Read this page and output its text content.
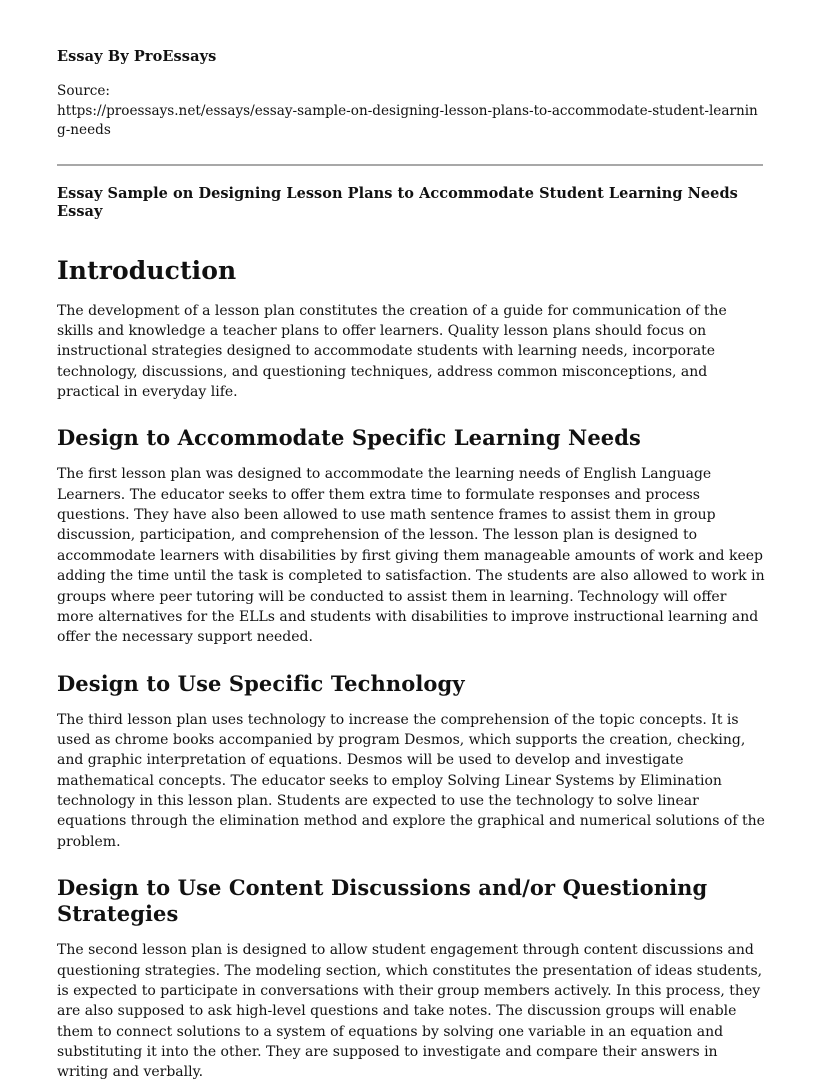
Essay By ProEssays
Source:
https://proessays.net/essays/essay-sample-on-designing-lesson-plans-to-accommodate-student-learning-needs
Essay Sample on Designing Lesson Plans to Accommodate Student Learning Needs Essay
Introduction

The development of a lesson plan constitutes the creation of a guide for communication of the skills and knowledge a teacher plans to offer learners. Quality lesson plans should focus on instructional strategies designed to accommodate students with learning needs, incorporate technology, discussions, and questioning techniques, address common misconceptions, and practical in everyday life.

Design to Accommodate Specific Learning Needs

The first lesson plan was designed to accommodate the learning needs of English Language Learners. The educator seeks to offer them extra time to formulate responses and process questions. They have also been allowed to use math sentence frames to assist them in group discussion, participation, and comprehension of the lesson. The lesson plan is designed to accommodate learners with disabilities by first giving them manageable amounts of work and keep adding the time until the task is completed to satisfaction. The students are also allowed to work in groups where peer tutoring will be conducted to assist them in learning. Technology will offer more alternatives for the ELLs and students with disabilities to improve instructional learning and offer the necessary support needed.

Design to Use Specific Technology

The third lesson plan uses technology to increase the comprehension of the topic concepts. It is used as chrome books accompanied by program Desmos, which supports the creation, checking, and graphic interpretation of equations. Desmos will be used to develop and investigate mathematical concepts. The educator seeks to employ Solving Linear Systems by Elimination technology in this lesson plan. Students are expected to use the technology to solve linear equations through the elimination method and explore the graphical and numerical solutions of the problem.

Design to Use Content Discussions and/or Questioning Strategies

The second lesson plan is designed to allow student engagement through content discussions and questioning strategies. The modeling section, which constitutes the presentation of ideas students, is expected to participate in conversations with their group members actively. In this process, they are also supposed to ask high-level questions and take notes. The discussion groups will enable them to connect solutions to a system of equations by solving one variable in an equation and substituting it into the other. They are supposed to investigate and compare their answers in writing and verbally.
